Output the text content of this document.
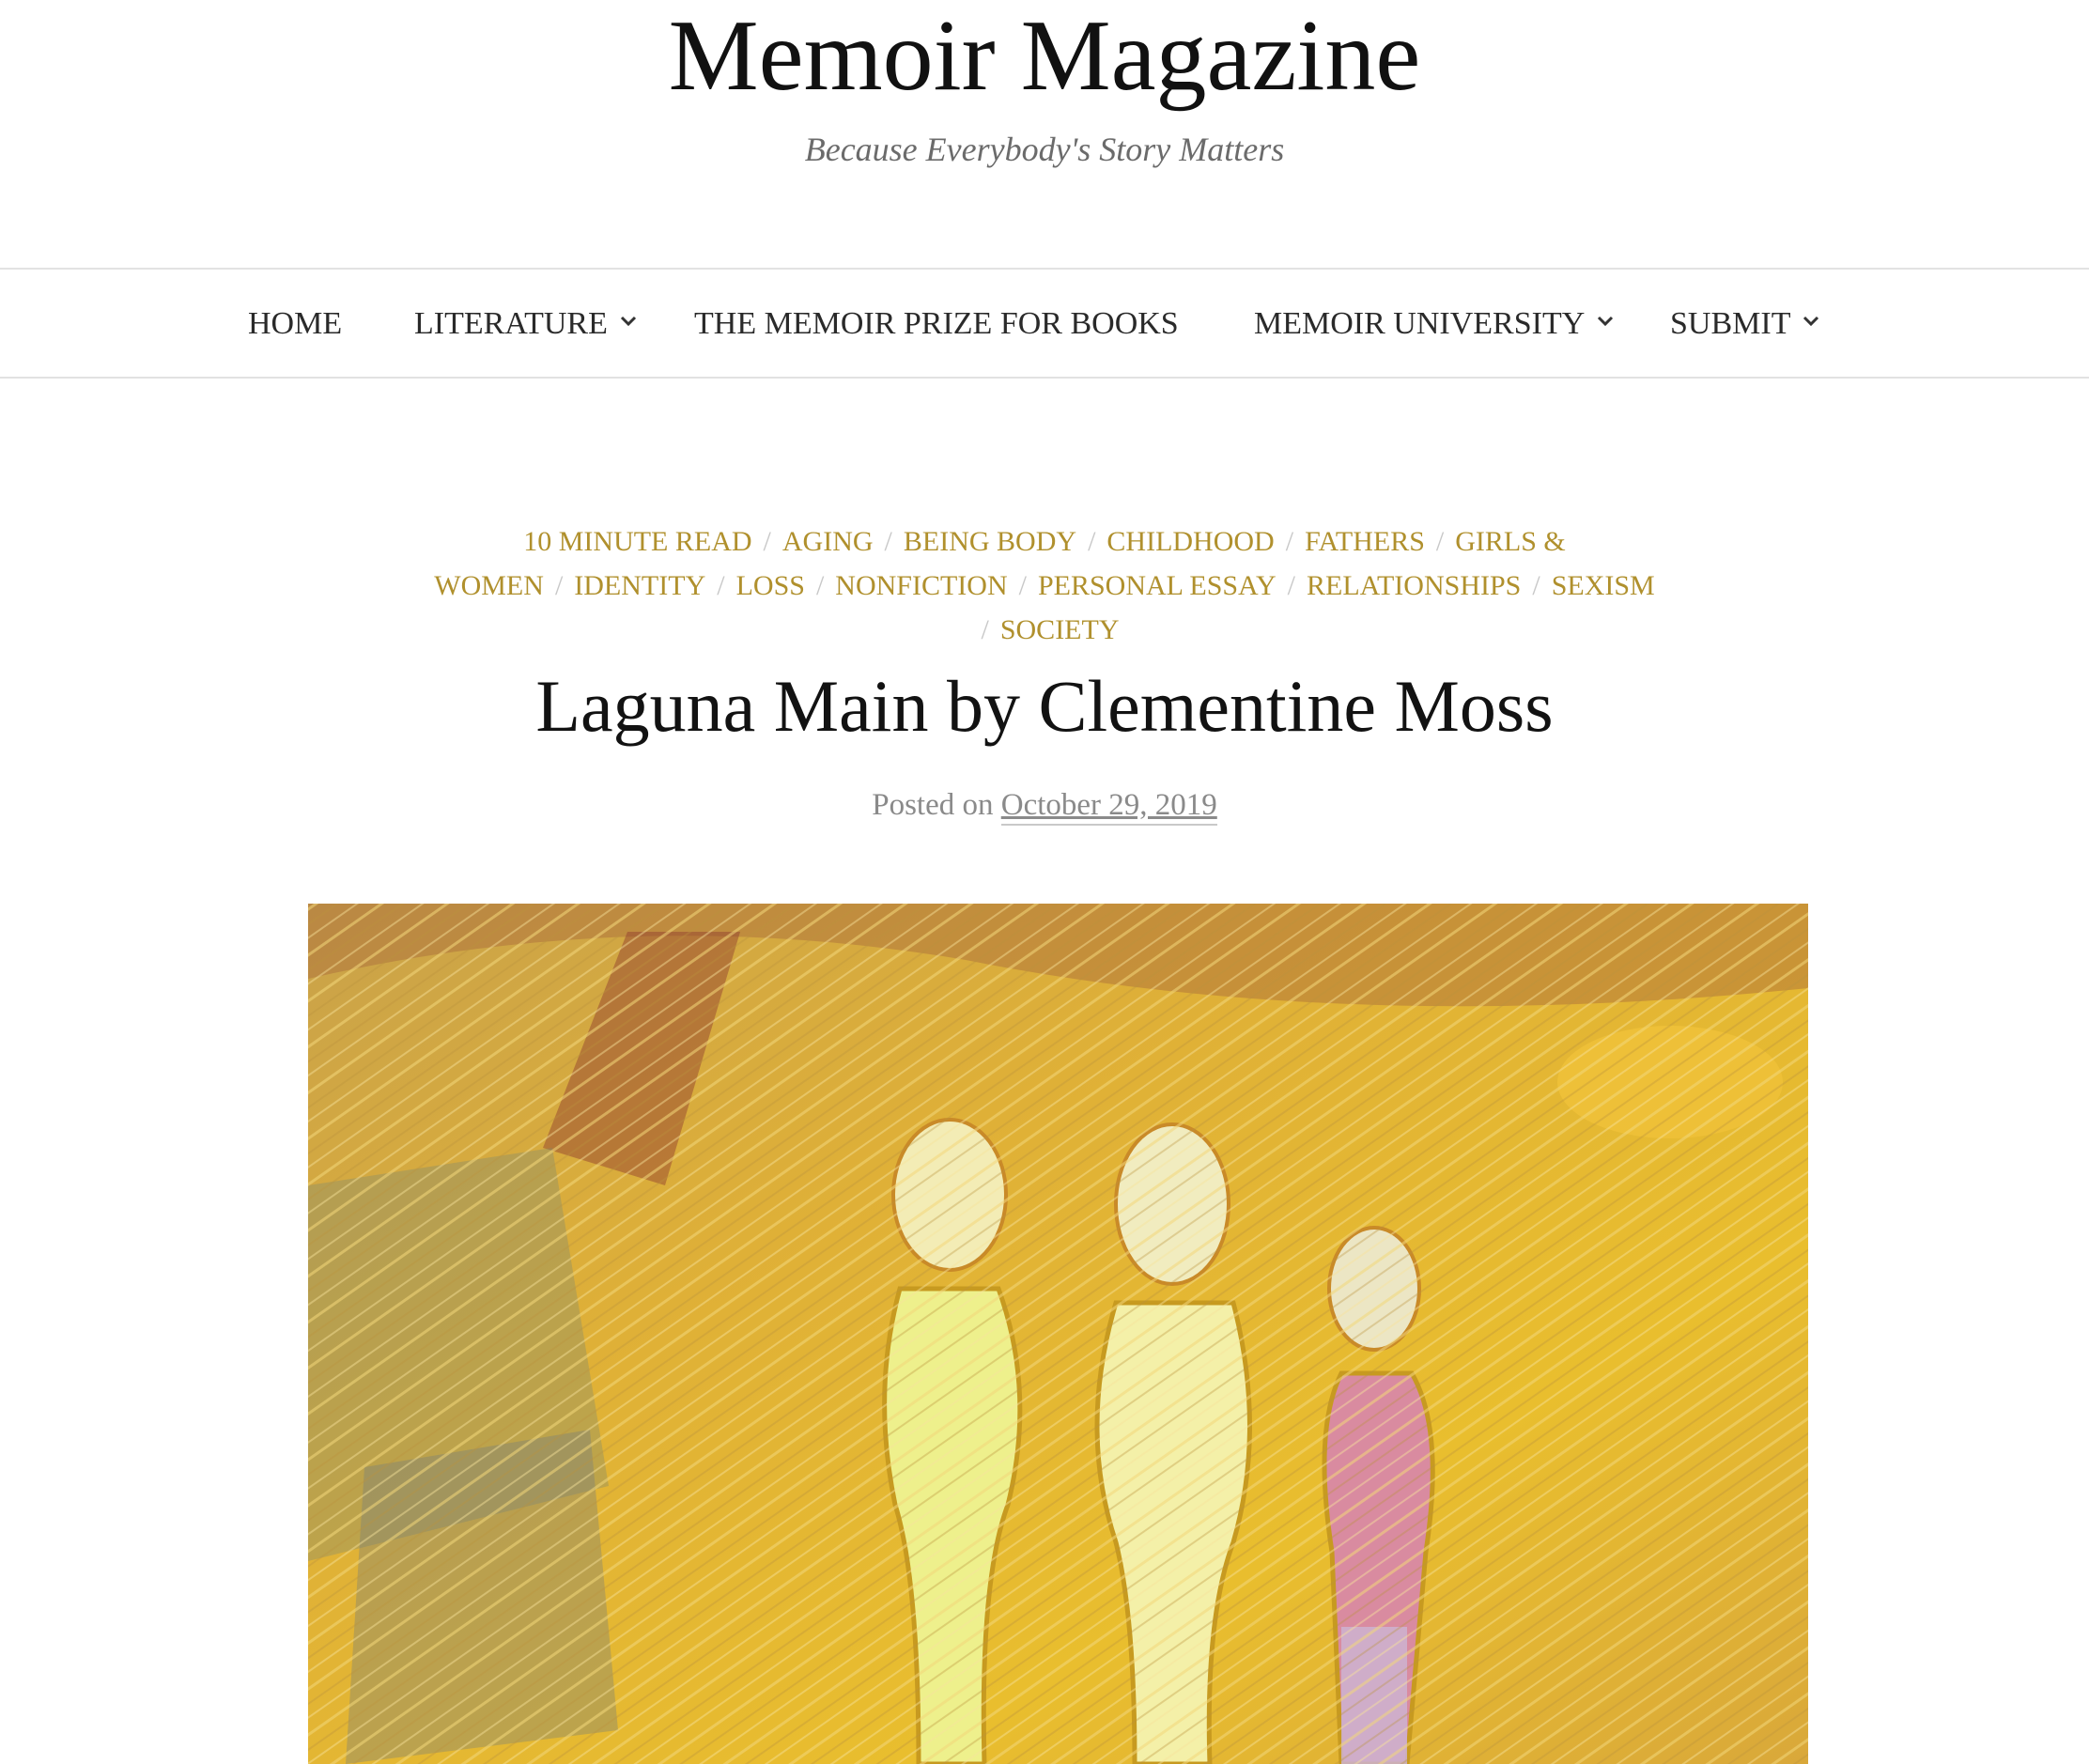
Memoir Magazine

Because Everybody's Story Matters

HOME LITERATURE	THE MEMOIR PRIZE FOR BOOKS MEMOIR UNIVERSITY	SUBMIT
10 MINUTE READ / AGING / BEING BODY / CHILDHOOD / FATHERS / GIRLS & WOMEN / IDENTITY / LOSS / NONFICTION / PERSONAL ESSAY / RELATIONSHIPS / SEXISM
/ SOCIETY
Laguna Main by Clementine Moss
Posted on October 29, 2019
